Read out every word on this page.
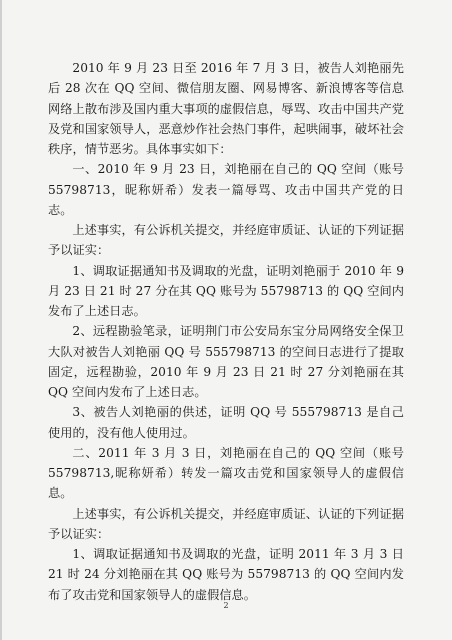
2010 年 9 月 23 日至 2016 年 7 月 3 日，被告人刘艳丽先后 28 次在 QQ 空间、微信朋友圈、网易博客、新浪博客等信息网络上散布涉及国内重大事项的虚假信息，辱骂、攻击中国共产党及党和国家领导人，恶意炒作社会热门事件，起哄闹事，破坏社会秩序，情节恶劣。具体事实如下：

一、2010 年 9 月 23 日，刘艳丽在自己的 QQ 空间（账号 55798713，昵称妍希）发表一篇辱骂、攻击中国共产党的日志。

上述事实，有公诉机关提交，并经庭审质证、认证的下列证据予以证实：

1、调取证据通知书及调取的光盘，证明刘艳丽于 2010 年 9 月 23 日 21 时 27 分在其 QQ 账号为 55798713 的 QQ 空间内发布了上述日志。

2、远程勘验笔录，证明荆门市公安局东宝分局网络安全保卫大队对被告人刘艳丽 QQ 号 555798713 的空间日志进行了提取固定，远程勘验，2010 年 9 月 23 日 21 时 27 分刘艳丽在其 QQ 空间内发布了上述日志。

3、被告人刘艳丽的供述，证明 QQ 号 555798713 是自己使用的，没有他人使用过。

二、2011 年 3 月 3 日，刘艳丽在自己的 QQ 空间（账号 55798713,昵称妍希）转发一篇攻击党和国家领导人的虚假信息。

上述事实，有公诉机关提交，并经庭审质证、认证的下列证据予以证实：

1、调取证据通知书及调取的光盘，证明 2011 年 3 月 3 日 21 时 24 分刘艳丽在其 QQ 账号为 55798713 的 QQ 空间内发布了攻击党和国家领导人的虚假信息。

2
